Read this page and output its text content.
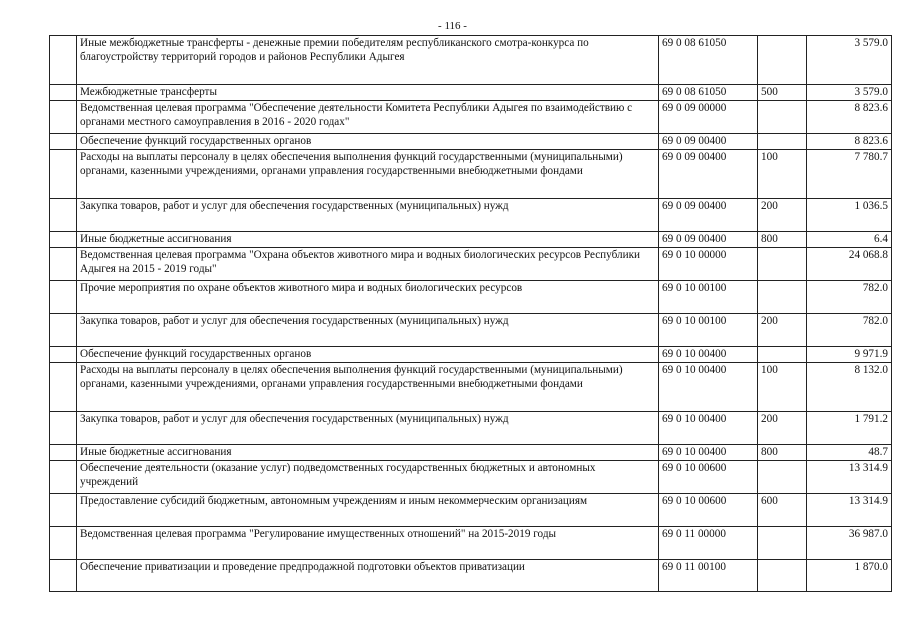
- 116 -
	Иные межбюджетные трансферты - денежные премии победителям республиканского смотра-конкурса по благоустройству территорий городов и районов Республики Адыгея	69 0 08 61050		3 579.0
	Межбюджетные трансферты	69 0 08 61050	500	3 579.0
	Ведомственная целевая программа "Обеспечение деятельности Комитета Республики Адыгея по взаимодействию с органами местного самоуправления в 2016 - 2020 годах"	69 0 09 00000		8 823.6
	Обеспечение функций государственных органов	69 0 09 00400		8 823.6
	Расходы на выплаты персоналу в целях обеспечения выполнения функций государственными (муниципальными) органами, казенными учреждениями, органами управления государственными внебюджетными фондами	69 0 09 00400	100	7 780.7
	Закупка товаров, работ и услуг для обеспечения государственных (муниципальных) нужд	69 0 09 00400	200	1 036.5
	Иные бюджетные ассигнования	69 0 09 00400	800	6.4
	Ведомственная целевая программа "Охрана объектов животного мира и водных биологических ресурсов Республики Адыгея на 2015 - 2019 годы"	69 0 10 00000		24 068.8
	Прочие мероприятия по охране объектов животного мира и водных биологических ресурсов	69 0 10 00100		782.0
	Закупка товаров, работ и услуг для обеспечения государственных (муниципальных) нужд	69 0 10 00100	200	782.0
	Обеспечение функций государственных органов	69 0 10 00400		9 971.9
	Расходы на выплаты персоналу в целях обеспечения выполнения функций государственными (муниципальными) органами, казенными учреждениями, органами управления государственными внебюджетными фондами	69 0 10 00400	100	8 132.0
	Закупка товаров, работ и услуг для обеспечения государственных (муниципальных) нужд	69 0 10 00400	200	1 791.2
	Иные бюджетные ассигнования	69 0 10 00400	800	48.7
	Обеспечение деятельности (оказание услуг) подведомственных государственных бюджетных и автономных учреждений	69 0 10 00600		13 314.9
	Предоставление субсидий бюджетным, автономным учреждениям и иным некоммерческим организациям	69 0 10 00600	600	13 314.9
	Ведомственная целевая программа "Регулирование имущественных отношений" на 2015-2019 годы	69 0 11 00000		36 987.0
	Обеспечение приватизации и проведение предпродажной подготовки объектов приватизации	69 0 11 00100		1 870.0
